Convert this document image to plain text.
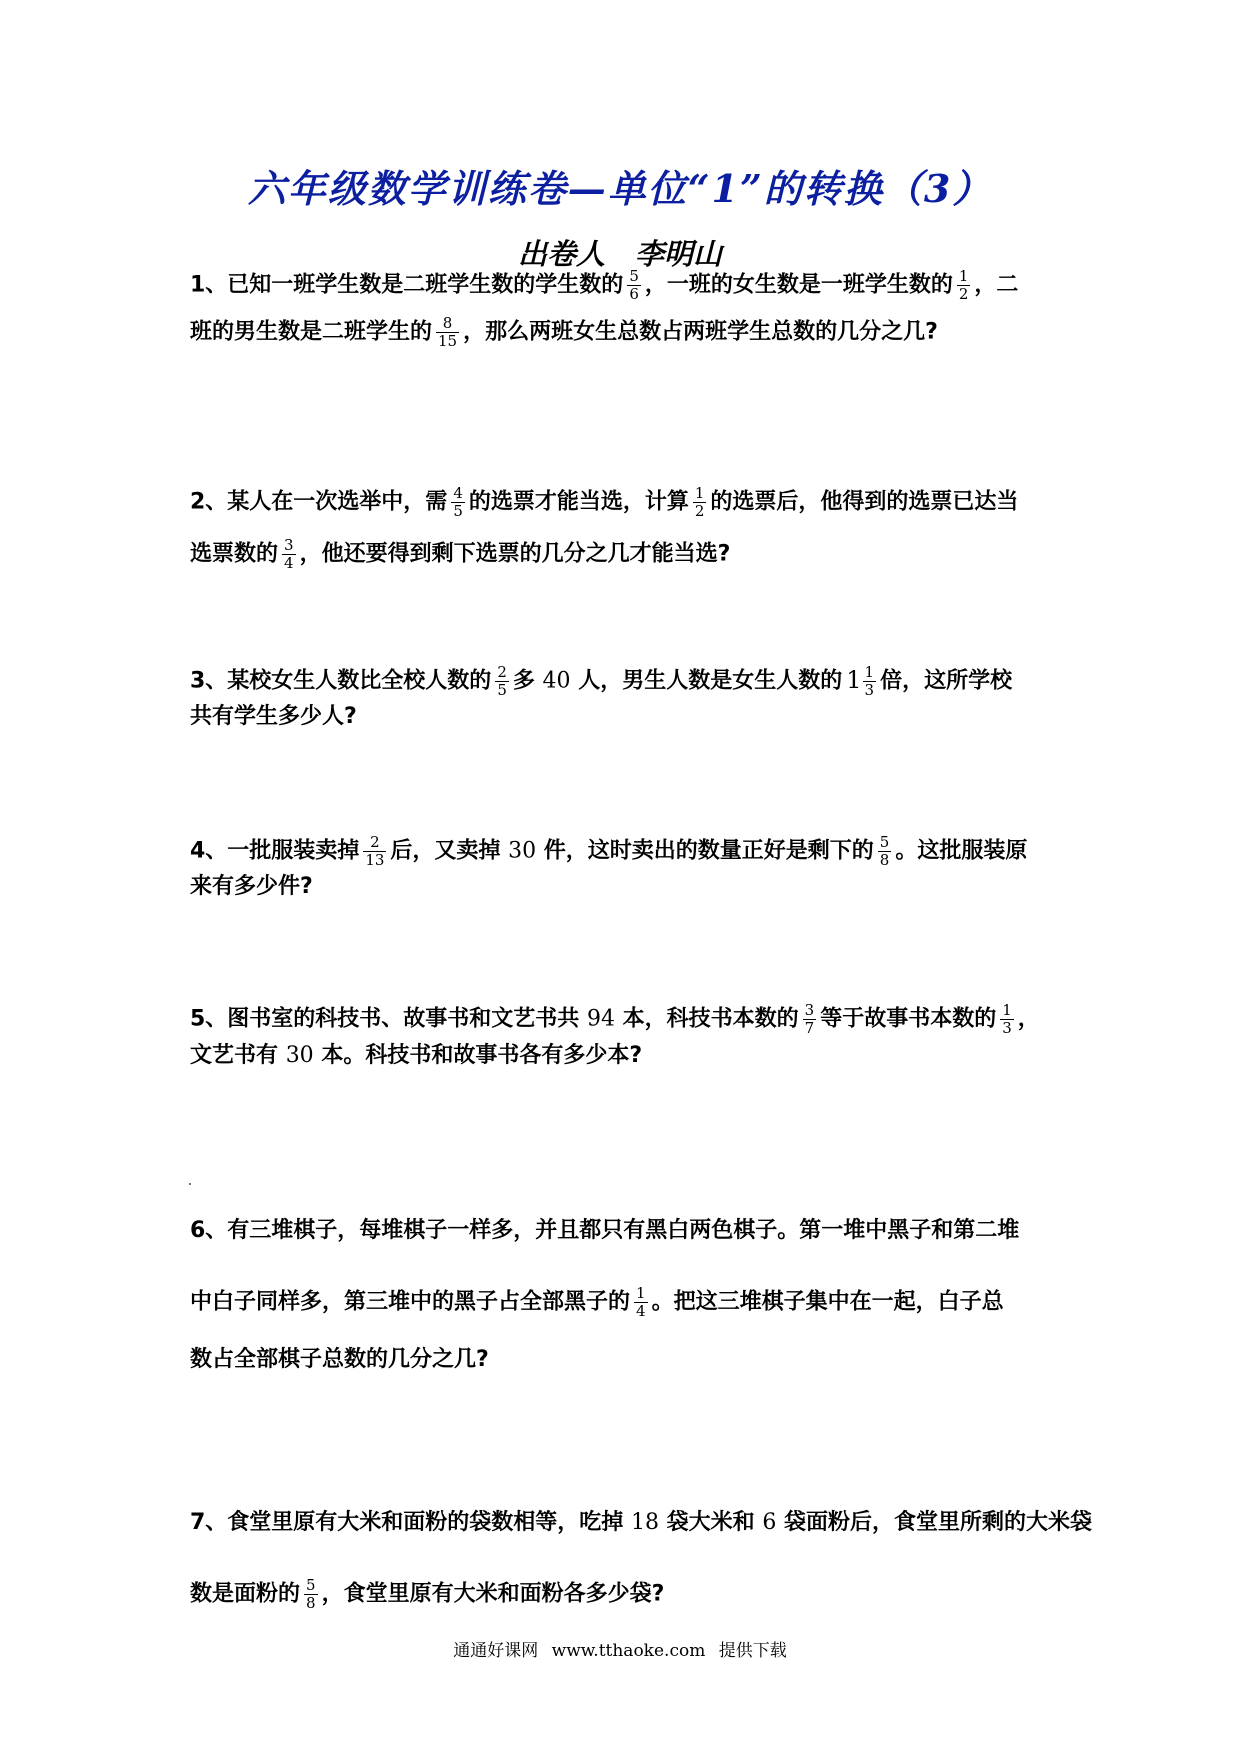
六年级数学训练卷—单位“1”的转换（3）
出卷人 李明山
1、已知一班学生数是二班学生数的学生数的 $\frac{5}{6}$ ，一班的女生数是一班学生数的 $\frac{1}{2}$ ，二
班的男生数是二班学生的 $\frac{8}{15}$ ，那么两班女生总数占两班学生总数的几分之几?
2、某人在一次选举中，需 $\frac{4}{5}$ 的选票才能当选，计算 $\frac{1}{2}$ 的选票后，他得到的选票已达当
选票数的 $\frac{3}{4}$ ，他还要得到剩下选票的几分之几才能当选?
3、某校女生人数比全校人数的 $\frac{2}{5}$ 多 40 人，男生人数是女生人数的 $1 \frac{1}{3}$ 倍，这所学校
共有学生多少人?
4、一批服装卖掉 $\frac{2}{13}$ 后，又卖掉 30 件，这时卖出的数量正好是剩下的 $\frac{5}{8}$ 。这批服装原
来有多少件?
5、图书室的科技书、故事书和文艺书共 94 本，科技书本数的 $\frac{3}{7}$ 等于故事书本数的 $\frac{1}{3}$ ，
文艺书有 30 本。科技书和故事书各有多少本?
6、有三堆棋子，每堆棋子一样多，并且都只有黑白两色棋子。第一堆中黑子和第二堆
中白子同样多，第三堆中的黑子占全部黑子的 $\frac{1}{4}$ 。把这三堆棋子集中在一起，白子总
数占全部棋子总数的几分之几?
7、食堂里原有大米和面粉的袋数相等，吃掉 18 袋大米和 6 袋面粉后，食堂里所剩的大米袋
数是面粉的 $\frac{5}{8}$ ，食堂里原有大米和面粉各多少袋?
通通好课网 www.tthaoke.com 提供下载
